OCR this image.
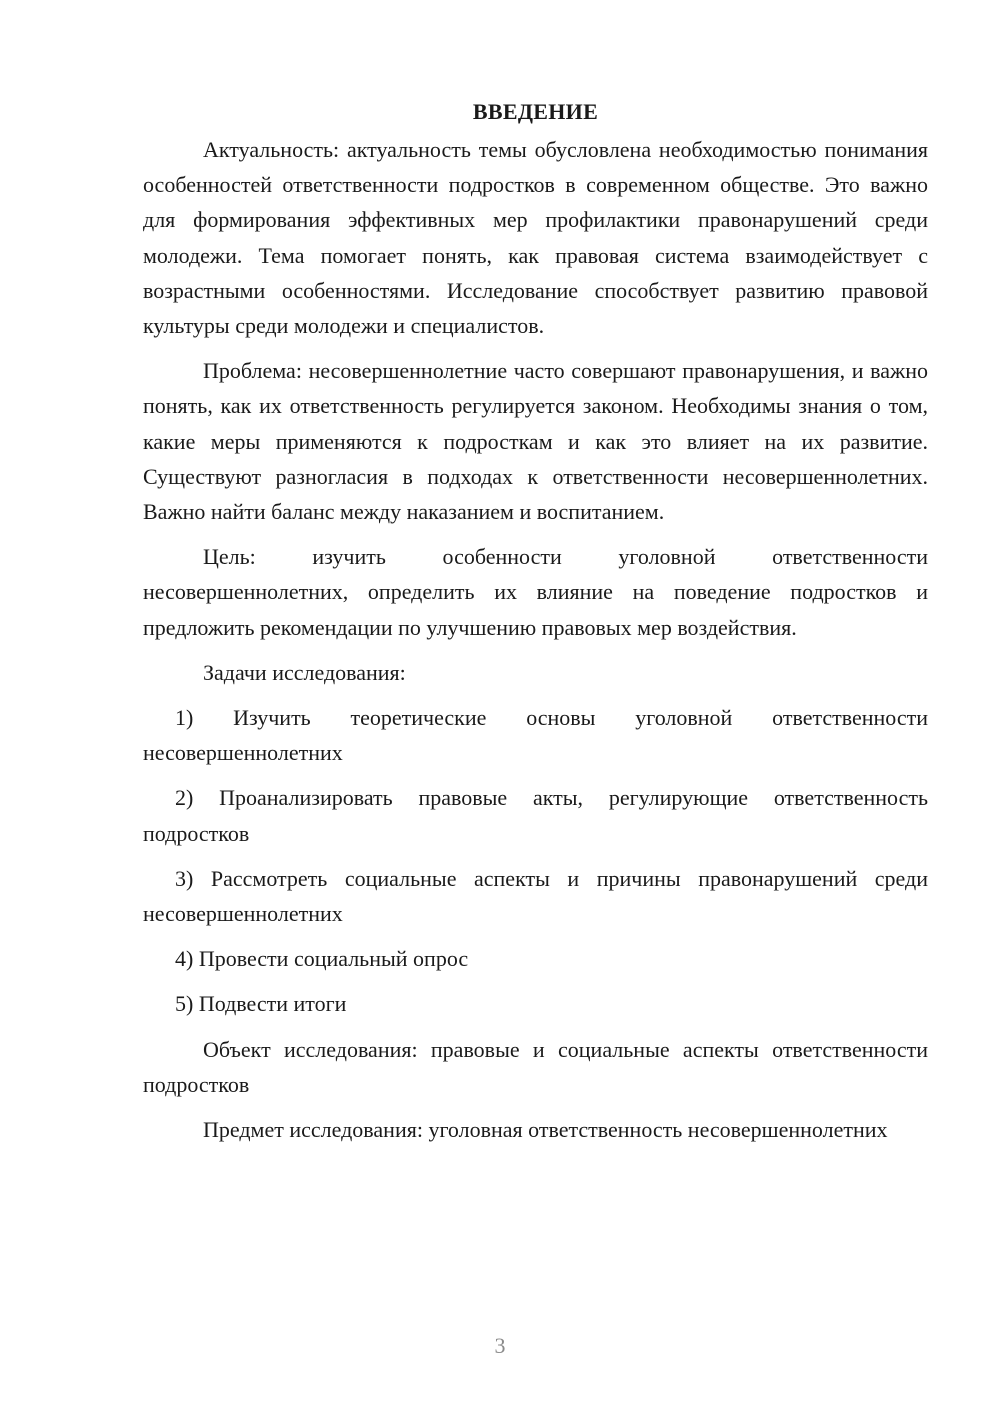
ВВЕДЕНИЕ

Актуальность: актуальность темы обусловлена необходимостью понимания особенностей ответственности подростков в современном обществе. Это важно для формирования эффективных мер профилактики правонарушений среди молодежи. Тема помогает понять, как правовая система взаимодействует с возрастными особенностями. Исследование способствует развитию правовой культуры среди молодежи и специалистов.

Проблема: несовершеннолетние часто совершают правонарушения, и важно понять, как их ответственность регулируется законом. Необходимы знания о том, какие меры применяются к подросткам и как это влияет на их развитие. Существуют разногласия в подходах к ответственности несовершеннолетних. Важно найти баланс между наказанием и воспитанием.

Цель: изучить особенности уголовной ответственности несовершеннолетних, определить их влияние на поведение подростков и предложить рекомендации по улучшению правовых мер воздействия.

Задачи исследования:

1) Изучить теоретические основы уголовной ответственности несовершеннолетних

2) Проанализировать правовые акты, регулирующие ответственность подростков

3) Рассмотреть социальные аспекты и причины правонарушений среди несовершеннолетних

4) Провести социальный опрос

5) Подвести итоги

Объект исследования: правовые и социальные аспекты ответственности подростков

Предмет исследования: уголовная ответственность несовершеннолетних

3
